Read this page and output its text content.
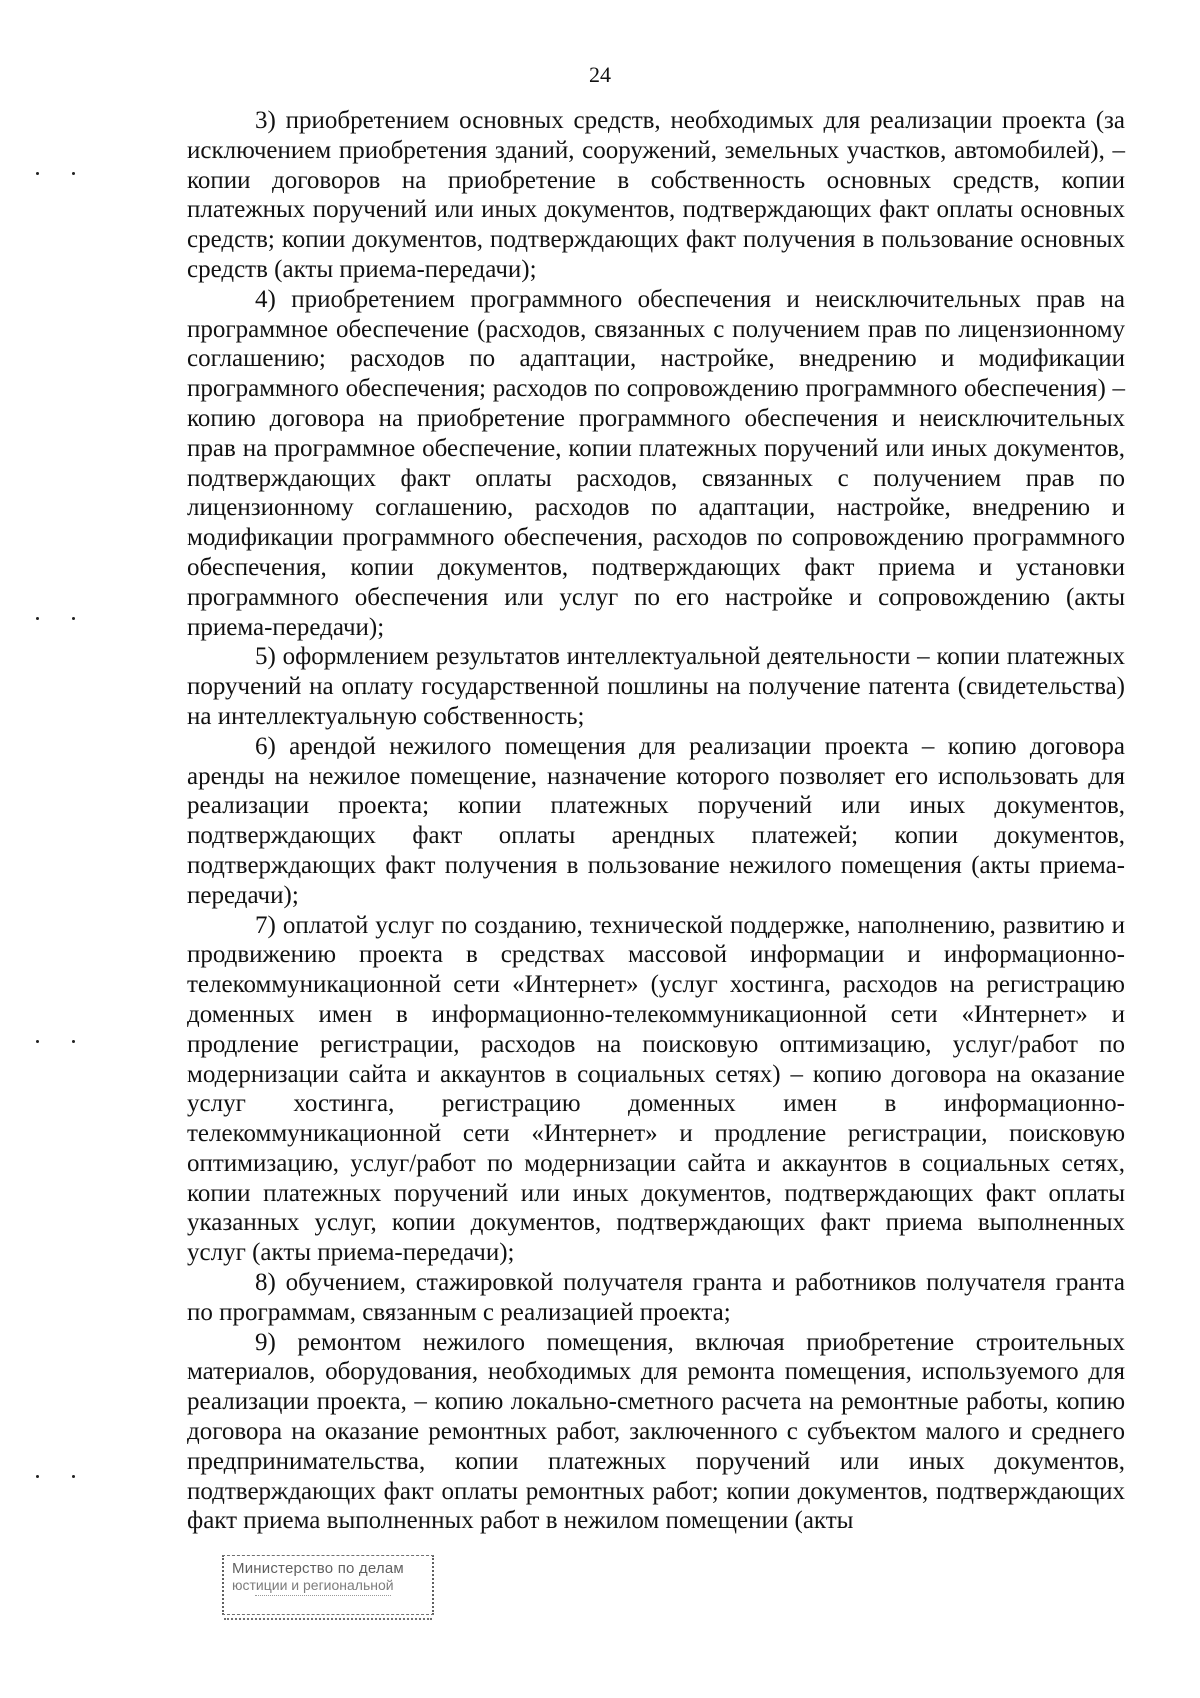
24

3) приобретением основных средств, необходимых для реализации проекта (за исключением приобретения зданий, сооружений, земельных участков, автомобилей), – копии договоров на приобретение в собственность основных средств, копии платежных поручений или иных документов, подтверждающих факт оплаты основных средств; копии документов, подтверждающих факт получения в пользование основных средств (акты приема-передачи);

4) приобретением программного обеспечения и неисключительных прав на программное обеспечение (расходов, связанных с получением прав по лицензионному соглашению; расходов по адаптации, настройке, внедрению и модификации программного обеспечения; расходов по сопровождению программного обеспечения) – копию договора на приобретение программного обеспечения и неисключительных прав на программное обеспечение, копии платежных поручений или иных документов, подтверждающих факт оплаты расходов, связанных с получением прав по лицензионному соглашению, расходов по адаптации, настройке, внедрению и модификации программного обеспечения, расходов по сопровождению программного обеспечения, копии документов, подтверждающих факт приема и установки программного обеспечения или услуг по его настройке и сопровождению (акты приема-передачи);

5) оформлением результатов интеллектуальной деятельности – копии платежных поручений на оплату государственной пошлины на получение патента (свидетельства) на интеллектуальную собственность;

6) арендой нежилого помещения для реализации проекта – копию договора аренды на нежилое помещение, назначение которого позволяет его использовать для реализации проекта; копии платежных поручений или иных документов, подтверждающих факт оплаты арендных платежей; копии документов, подтверждающих факт получения в пользование нежилого помещения (акты приема-передачи);

7) оплатой услуг по созданию, технической поддержке, наполнению, развитию и продвижению проекта в средствах массовой информации и информационно-телекоммуникационной сети «Интернет» (услуг хостинга, расходов на регистрацию доменных имен в информационно-телекоммуникационной сети «Интернет» и продление регистрации, расходов на поисковую оптимизацию, услуг/работ по модернизации сайта и аккаунтов в социальных сетях) – копию договора на оказание услуг хостинга, регистрацию доменных имен в информационно-телекоммуникационной сети «Интернет» и продление регистрации, поисковую оптимизацию, услуг/работ по модернизации сайта и аккаунтов в социальных сетях, копии платежных поручений или иных документов, подтверждающих факт оплаты указанных услуг, копии документов, подтверждающих факт приема выполненных услуг (акты приема-передачи);

8) обучением, стажировкой получателя гранта и работников получателя гранта по программам, связанным с реализацией проекта;

9) ремонтом нежилого помещения, включая приобретение строительных материалов, оборудования, необходимых для ремонта помещения, используемого для реализации проекта, – копию локально-сметного расчета на ремонтные работы, копию договора на оказание ремонтных работ, заключенного с субъектом малого и среднего предпринимательства, копии платежных поручений или иных документов, подтверждающих факт оплаты ремонтных работ; копии документов, подтверждающих факт приема выполненных работ в нежилом помещении (акты

Министерство по делам
юстиции и региональной
